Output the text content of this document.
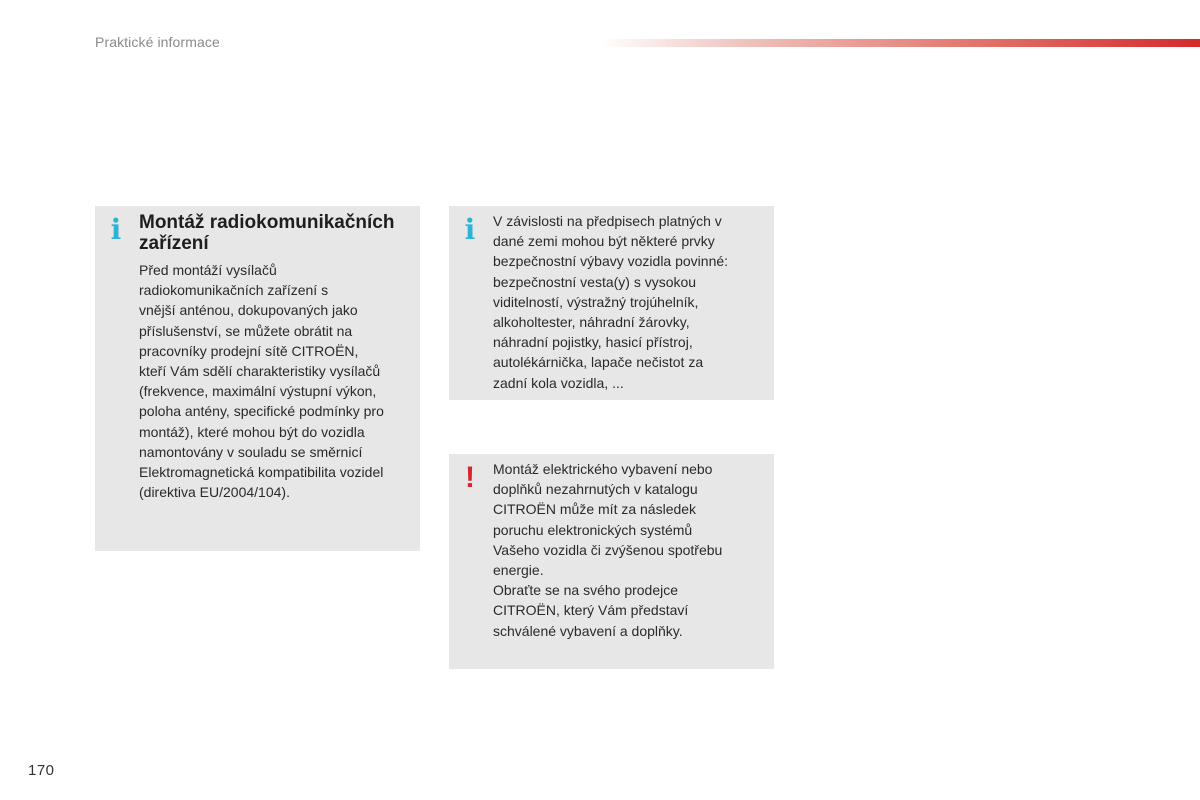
Praktické informace
i Montáž radiokomunikačních zařízení

Před montáží vysílačů
radiokomunikačních zařízení s
vnější anténou, dokupovaných jako
příslušenství, se můžete obrátit na
pracovníky prodejní sítě CITROËN,
kteří Vám sdělí charakteristiky vysílačů
(frekvence, maximální výstupní výkon,
poloha antény, specifické podmínky pro
montáž), které mohou být do vozidla
namontovány v souladu se směrnicí
Elektromagnetická kompatibilita vozidel
(direktiva EU/2004/104).

i V závislosti na předpisech platných v
dané zemi mohou být některé prvky
bezpečnostní výbavy vozidla povinné:
bezpečnostní vesta(y) s vysokou
viditelností, výstražný trojúhelník,
alkoholtester, náhradní žárovky,
náhradní pojistky, hasicí přístroj,
autolékárnička, lapače nečistot za
zadní kola vozidla, ...

! Montáž elektrického vybavení nebo
doplňků nezahrnutých v katalogu
CITROËN může mít za následek
poruchu elektronických systémů
Vašeho vozidla či zvýšenou spotřebu
energie.
Obraťte se na svého prodejce
CITROËN, který Vám představí
schválené vybavení a doplňky.

170
